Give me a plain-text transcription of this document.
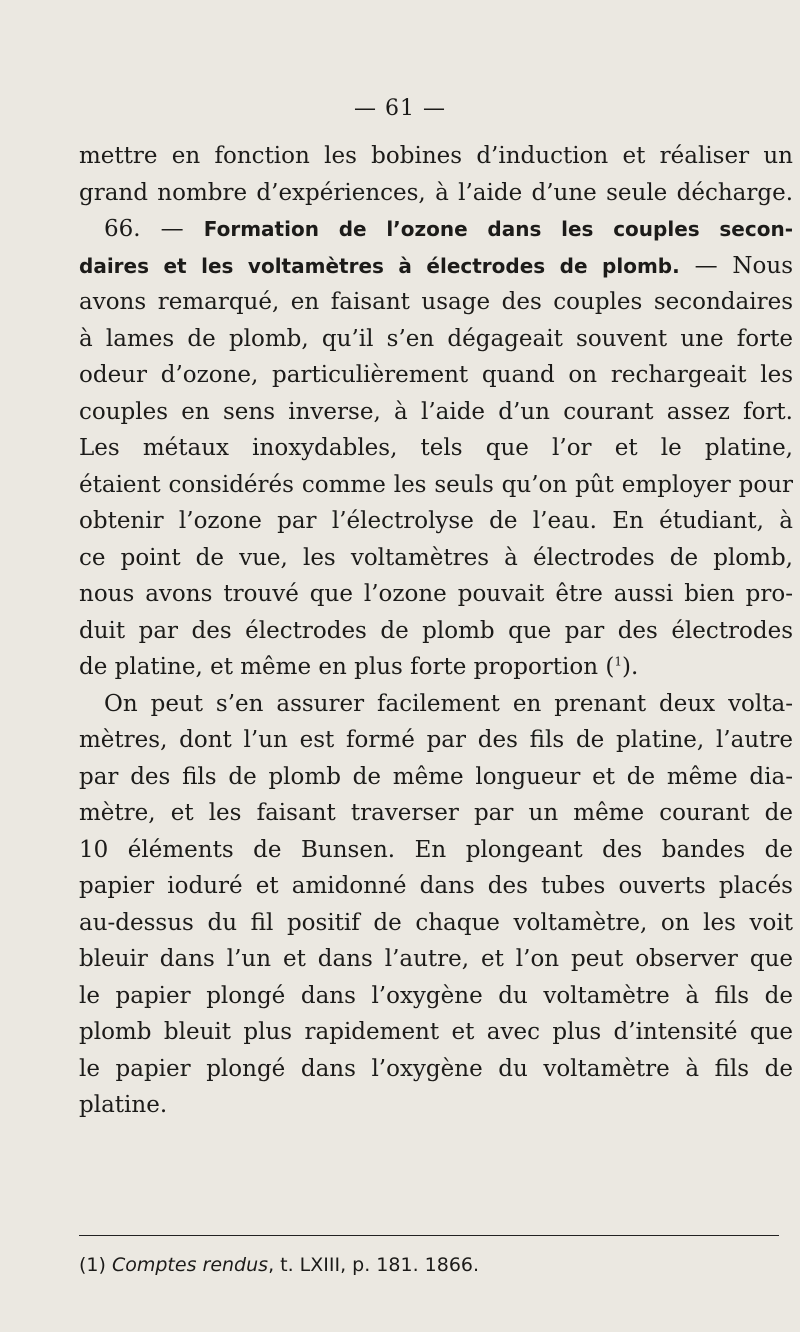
— 61 —
mettre en fonction les bobines d’induction et réaliser un
grand nombre d’expériences, à l’aide d’une seule décharge.
66. — Formation de l’ozone dans les couples secon-
daires et les voltamètres à électrodes de plomb. — Nous
avons remarqué, en faisant usage des couples secondaires
à lames de plomb, qu’il s’en dégageait souvent une forte
odeur d’ozone, particulièrement quand on rechargeait les
couples en sens inverse, à l’aide d’un courant assez fort.
Les métaux inoxydables, tels que l’or et le platine,
étaient considérés comme les seuls qu’on pût employer pour
obtenir l’ozone par l’électrolyse de l’eau. En étudiant, à
ce point de vue, les voltamètres à électrodes de plomb,
nous avons trouvé que l’ozone pouvait être aussi bien pro-
duit par des électrodes de plomb que par des électrodes
de platine, et même en plus forte proportion ($^1$).
On peut s’en assurer facilement en prenant deux volta-
mètres, dont l’un est formé par des fils de platine, l’autre
par des fils de plomb de même longueur et de même dia-
mètre, et les faisant traverser par un même courant de
10 éléments de Bunsen. En plongeant des bandes de
papier ioduré et amidonné dans des tubes ouverts placés
au-dessus du fil positif de chaque voltamètre, on les voit
bleuir dans l’un et dans l’autre, et l’on peut observer que
le papier plongé dans l’oxygène du voltamètre à fils de
plomb bleuit plus rapidement et avec plus d’intensité que
le papier plongé dans l’oxygène du voltamètre à fils de
platine.
(1) Comptes rendus, t. LXIII, p. 181. 1866.
